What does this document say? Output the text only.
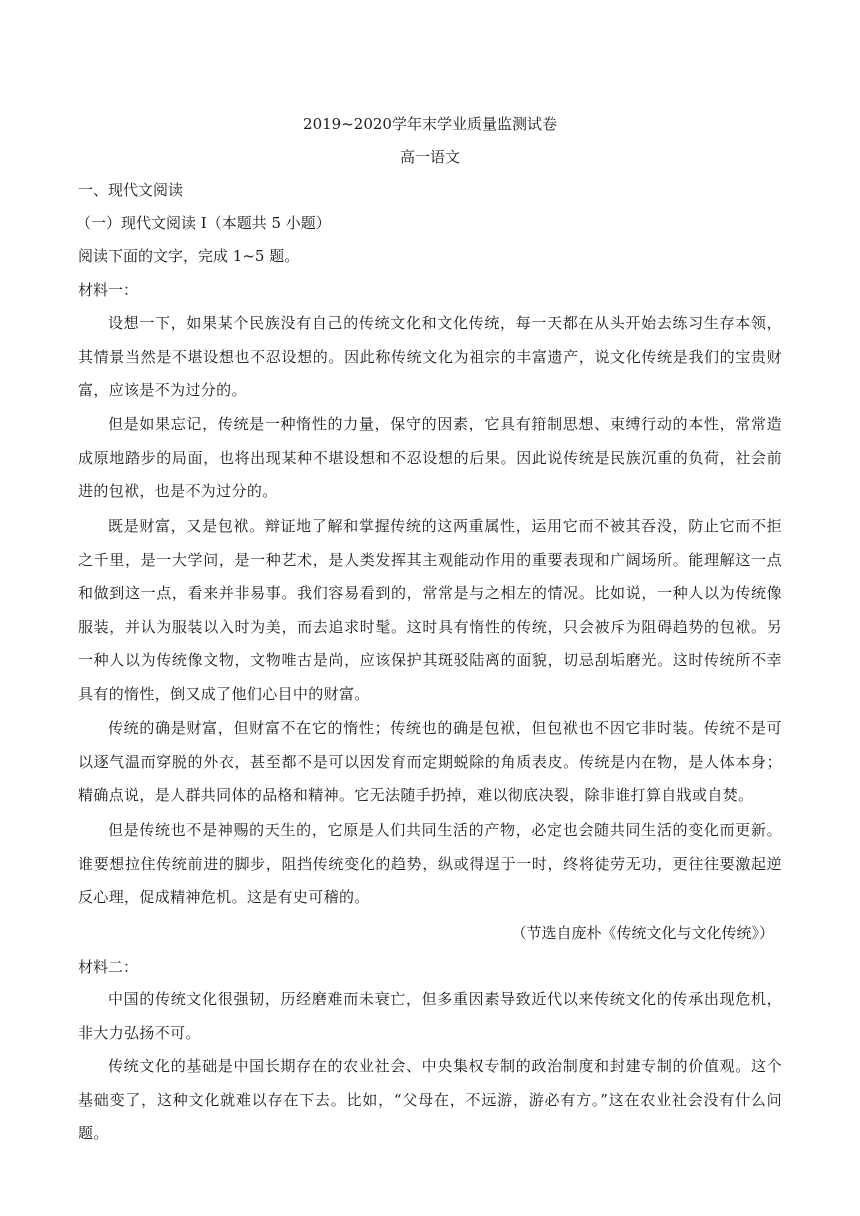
2019~2020学年末学业质量监测试卷
高一语文
一、现代文阅读
（一）现代文阅读 I（本题共 5 小题）
阅读下面的文字，完成 1~5 题。
材料一：
设想一下，如果某个民族没有自己的传统文化和文化传统，每一天都在从头开始去练习生存本领，其情景当然是不堪设想也不忍设想的。因此称传统文化为祖宗的丰富遗产，说文化传统是我们的宝贵财富，应该是不为过分的。
但是如果忘记，传统是一种惰性的力量，保守的因素，它具有箝制思想、束缚行动的本性，常常造成原地踏步的局面，也将出现某种不堪设想和不忍设想的后果。因此说传统是民族沉重的负荷，社会前进的包袱，也是不为过分的。
既是财富，又是包袱。辩证地了解和掌握传统的这两重属性，运用它而不被其吞没，防止它而不拒之千里，是一大学问，是一种艺术，是人类发挥其主观能动作用的重要表现和广阔场所。能理解这一点和做到这一点，看来并非易事。我们容易看到的，常常是与之相左的情况。比如说，一种人以为传统像服装，并认为服装以入时为美，而去追求时髦。这时具有惰性的传统，只会被斥为阻碍趋势的包袱。另一种人以为传统像文物，文物唯古是尚，应该保护其斑驳陆离的面貌，切忌刮垢磨光。这时传统所不幸具有的惰性，倒又成了他们心目中的财富。
传统的确是财富，但财富不在它的惰性；传统也的确是包袱，但包袱也不因它非时装。传统不是可以逐气温而穿脱的外衣，甚至都不是可以因发育而定期蜕除的角质表皮。传统是内在物，是人体本身；精确点说，是人群共同体的品格和精神。它无法随手扔掉，难以彻底决裂，除非谁打算自戕或自焚。
但是传统也不是神赐的天生的，它原是人们共同生活的产物，必定也会随共同生活的变化而更新。谁要想拉住传统前进的脚步，阻挡传统变化的趋势，纵或得逞于一时，终将徒劳无功，更往往要激起逆反心理，促成精神危机。这是有史可稽的。
（节选自庞朴《传统文化与文化传统》）
材料二：
中国的传统文化很强韧，历经磨难而未衰亡，但多重因素导致近代以来传统文化的传承出现危机，非大力弘扬不可。
传统文化的基础是中国长期存在的农业社会、中央集权专制的政治制度和封建专制的价值观。这个基础变了，这种文化就难以存在下去。比如，“父母在，不远游，游必有方。”这在农业社会没有什么问题。
